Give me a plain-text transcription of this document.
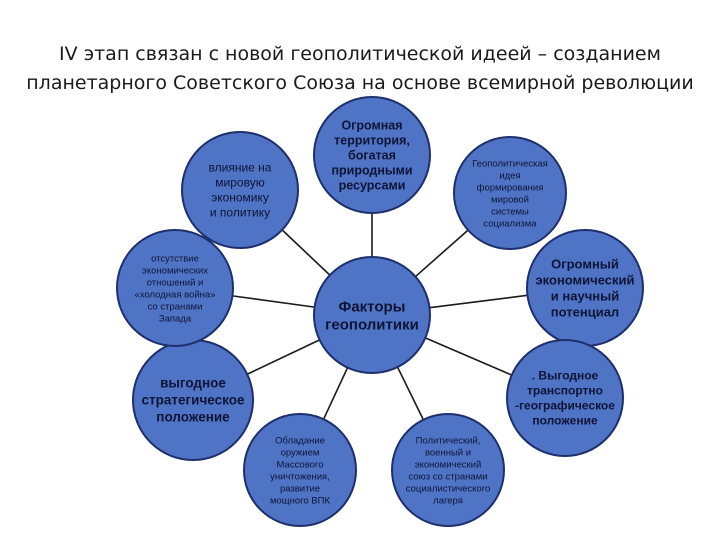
IV этап связан с новой геополитической идеей – созданием
планетарного Советского Союза на основе всемирной революции
Огромная
территория,
богатая
природными
ресурсами
Геополитическая
идея
формирования
мировой
системы
социализма
Огромный
экономический
и научный
потенциал
. Выгодное
транспортно
-географическое
положение
Политический,
военный и
экономический
союз со странами
социалистического
лагеря
Обладание
оружием
Массового
уничтожения,
развитие
мощного ВПК
выгодное
стратегическое
положение
отсутствие
экономических
отношений и
«холодная война»
со странами
Запада
влияние на
мировую
экономику
и политику
Факторы
геополитики
